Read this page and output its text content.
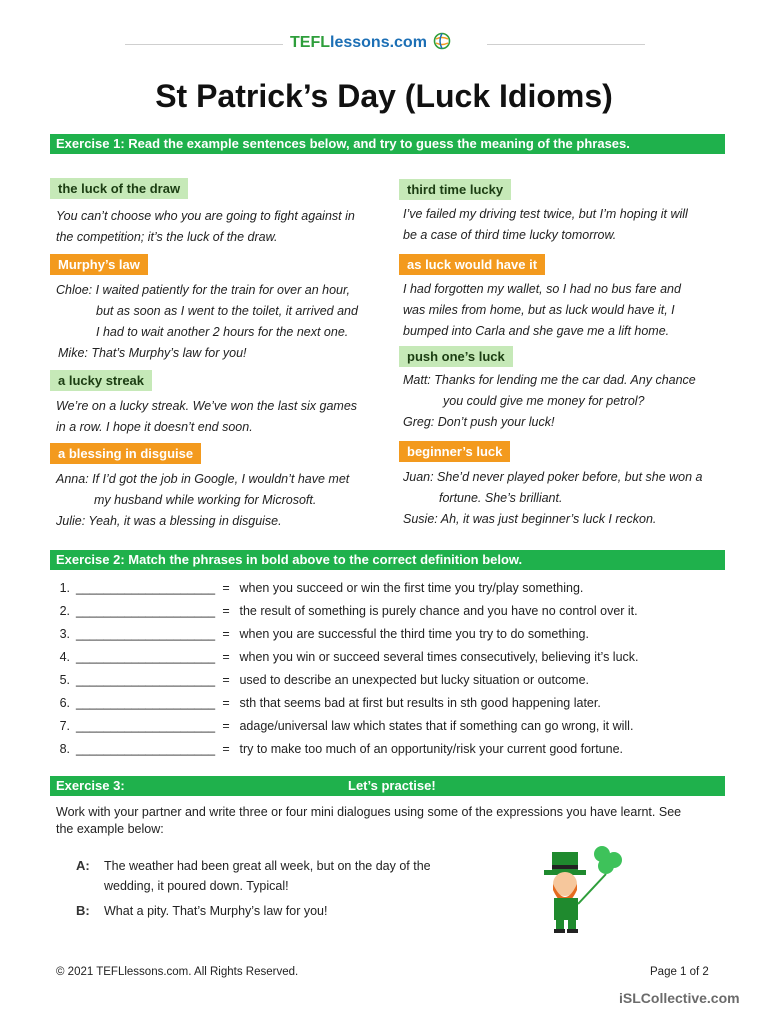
TEFLlessons.com
St Patrick’s Day (Luck Idioms)
Exercise 1: Read the example sentences below, and try to guess the meaning of the phrases.
the luck of the draw
You can’t choose who you are going to fight against in
the competition; it’s the luck of the draw.
Murphy’s law
Chloe: I waited patiently for the train for over an hour,
but as soon as I went to the toilet, it arrived and
I had to wait another 2 hours for the next one.
Mike: That’s Murphy’s law for you!
a lucky streak
We’re on a lucky streak. We’ve won the last six games
in a row. I hope it doesn’t end soon.
a blessing in disguise
Anna: If I’d got the job in Google, I wouldn’t have met
my husband while working for Microsoft.
Julie: Yeah, it was a blessing in disguise.
third time lucky
I’ve failed my driving test twice, but I’m hoping it will
be a case of third time lucky tomorrow.
as luck would have it
I had forgotten my wallet, so I had no bus fare and
was miles from home, but as luck would have it, I
bumped into Carla and she gave me a lift home.
push one’s luck
Matt: Thanks for lending me the car dad. Any chance
you could give me money for petrol?
Greg: Don’t push your luck!
beginner’s luck
Juan: She’d never played poker before, but she won a
fortune. She’s brilliant.
Susie: Ah, it was just beginner’s luck I reckon.
Exercise 2: Match the phrases in bold above to the correct definition below.
1. ____________________ = when you succeed or win the first time you try/play something.
2. ____________________ = the result of something is purely chance and you have no control over it.
3. ____________________ = when you are successful the third time you try to do something.
4. ____________________ = when you win or succeed several times consecutively, believing it’s luck.
5. ____________________ = used to describe an unexpected but lucky situation or outcome.
6. ____________________ = sth that seems bad at first but results in sth good happening later.
7. ____________________ = adage/universal law which states that if something can go wrong, it will.
8. ____________________ = try to make too much of an opportunity/risk your current good fortune.
Exercise 3:	Let’s practise!
Work with your partner and write three or four mini dialogues using some of the expressions you have learnt. See the example below:
A:	The weather had been great all week, but on the day of the
wedding, it poured down. Typical!
B:	What a pity. That’s Murphy’s law for you!
© 2021 TEFLlessons.com. All Rights Reserved.	Page 1 of 2
iSLCollective.com
